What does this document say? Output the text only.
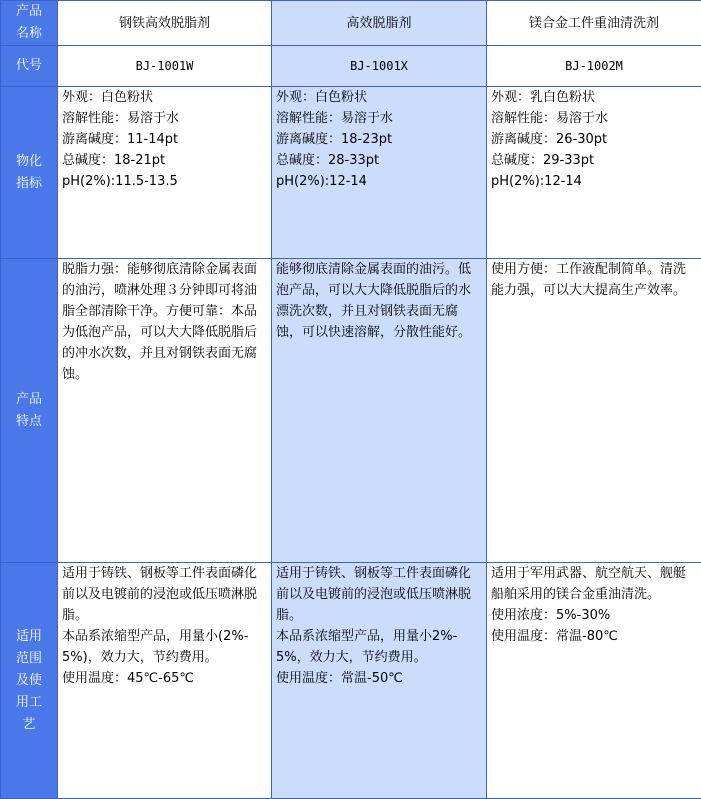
产品
名称	钢铁高效脱脂剂	高效脱脂剂	镁合金工件重油清洗剂

代号	BJ-1001W	BJ-1001X	BJ-1002M

物化
指标	外观：白色粉状
溶解性能：易溶于水
游离碱度：11-14pt
总碱度：18-21pt
pH(2%):11.5-13.5	外观：白色粉状
溶解性能：易溶于水
游离碱度：18-23pt
总碱度：28-33pt
pH(2%):12-14	外观：乳白色粉状
溶解性能：易溶于水
游离碱度：26-30pt
总碱度：29-33pt
pH(2%):12-14

产品
特点	脱脂力强：能够彻底清除金属表面的油污，喷淋处理３分钟即可将油脂全部清除干净。方便可靠：本品为低泡产品，可以大大降低脱脂后的冲水次数，并且对钢铁表面无腐蚀。	能够彻底清除金属表面的油污。低泡产品，可以大大降低脱脂后的水漂洗次数，并且对钢铁表面无腐蚀，可以快速溶解，分散性能好。	使用方便：工作液配制简单。清洗能力强，可以大大提高生产效率。

适用
范围
及使
用工
艺	适用于铸铁、钢板等工件表面磷化前以及电镀前的浸泡或低压喷淋脱脂。
本品系浓缩型产品，用量小(2%-5%)，效力大，节约费用。
使用温度：45℃-65℃	适用于铸铁、钢板等工件表面磷化前以及电镀前的浸泡或低压喷淋脱脂。
本品系浓缩型产品，用量小2%-5%，效力大，节约费用。
使用温度：常温-50℃	适用于军用武器、航空航天、舰艇船舶采用的镁合金重油清洗。
使用浓度：5%-30%
使用温度：常温-80℃
